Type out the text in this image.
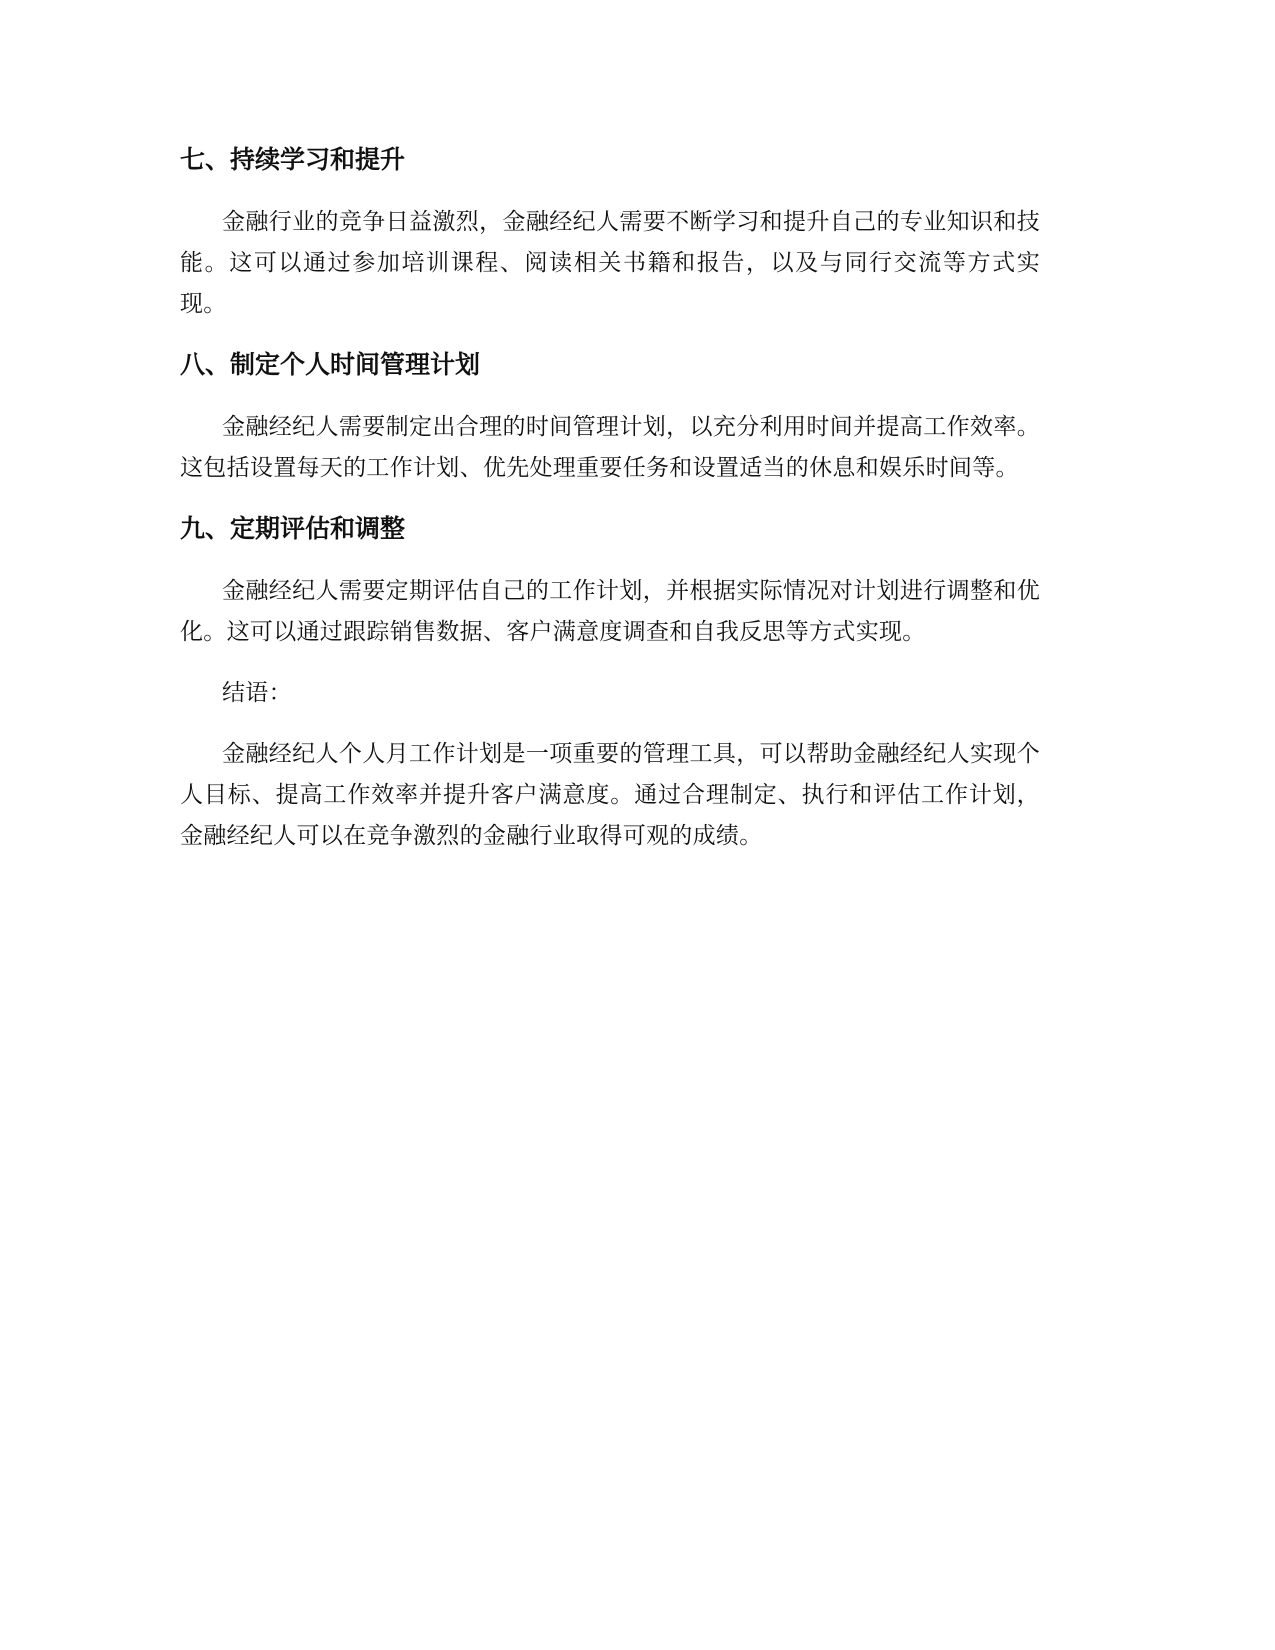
七、持续学习和提升

金融行业的竞争日益激烈，金融经纪人需要不断学习和提升自己的专业知识和技能。这可以通过参加培训课程、阅读相关书籍和报告，以及与同行交流等方式实现。

八、制定个人时间管理计划

金融经纪人需要制定出合理的时间管理计划，以充分利用时间并提高工作效率。这包括设置每天的工作计划、优先处理重要任务和设置适当的休息和娱乐时间等。

九、定期评估和调整

金融经纪人需要定期评估自己的工作计划，并根据实际情况对计划进行调整和优化。这可以通过跟踪销售数据、客户满意度调查和自我反思等方式实现。

结语：

金融经纪人个人月工作计划是一项重要的管理工具，可以帮助金融经纪人实现个人目标、提高工作效率并提升客户满意度。通过合理制定、执行和评估工作计划，金融经纪人可以在竞争激烈的金融行业取得可观的成绩。
